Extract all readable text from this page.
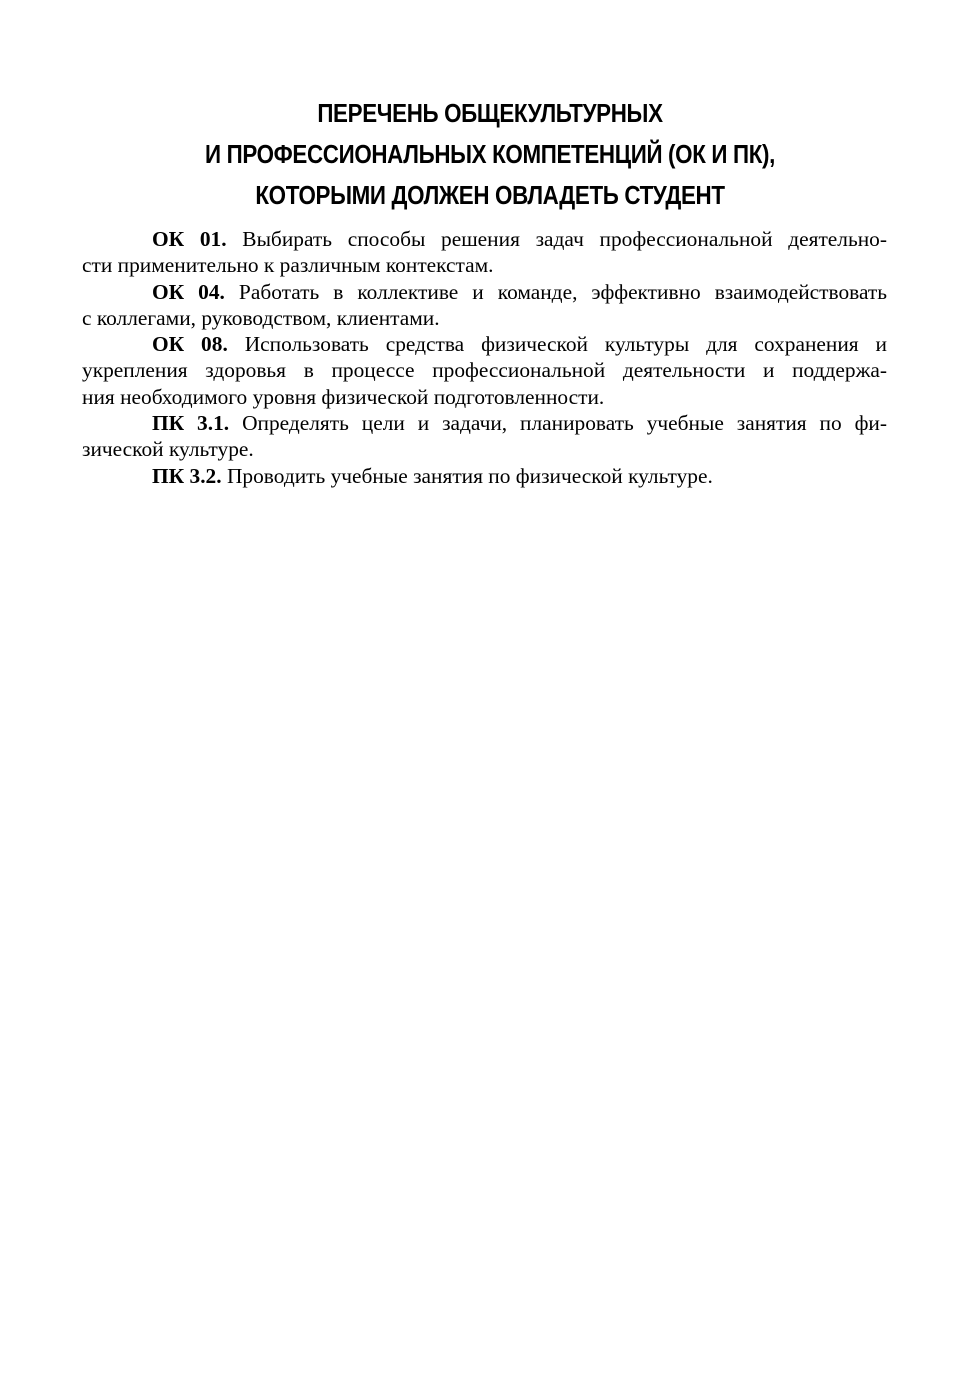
ПЕРЕЧЕНЬ ОБЩЕКУЛЬТУРНЫХ
И ПРОФЕССИОНАЛЬНЫХ КОМПЕТЕНЦИЙ (ОК И ПК),
КОТОРЫМИ ДОЛЖЕН ОВЛАДЕТЬ СТУДЕНТ

ОК 01. Выбирать способы решения задач профессиональной деятельно-
сти применительно к различным контекстам.

ОК 04. Работать в коллективе и команде, эффективно взаимодействовать
с коллегами, руководством, клиентами.

ОК 08. Использовать средства физической культуры для сохранения и
укрепления здоровья в процессе профессиональной деятельности и поддержа-
ния необходимого уровня физической подготовленности.

ПК 3.1. Определять цели и задачи, планировать учебные занятия по фи-
зической культуре.

ПК 3.2. Проводить учебные занятия по физической культуре.
